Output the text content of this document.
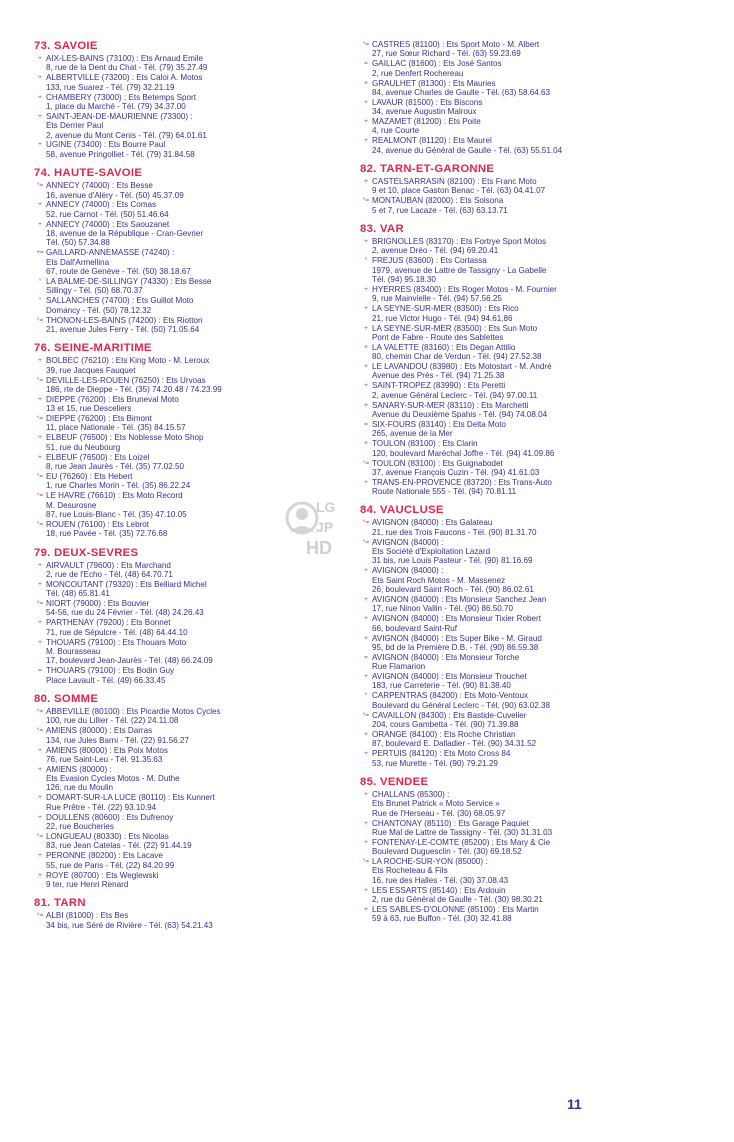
73. SAVOIE
+ AIX-LES-BAINS (73100) : Ets Arnaud Emile
8, rue de la Dent du Chat - Tél. (79) 35.27.49
+ ALBERTVILLE (73200) : Ets Caloi A. Motos
133, rue Suarez - Tél. (79) 32.21.19
+ CHAMBERY (73000) : Ets Betemps Sport
1, place du Marché - Tél. (79) 34.37.00
+ SAINT-JEAN-DE-MAURIENNE (73300) :
Ets Derrier Paul
2, avenue du Mont Cenis - Tél. (79) 64.01.61
+ UGINE (73400) : Ets Bourre Paul
58, avenue Pringolliet - Tél. (79) 31.84.58
74. HAUTE-SAVOIE
°= ANNECY (74000) : Ets Besse
16, avenue d'Aléry - Tél. (50) 45.37.09
+ ANNECY (74000) : Ets Comas
52, rue Carnot - Tél. (50) 51.46.64
+ ANNECY (74000) : Ets Saouzanet
18, avenue de la République - Cran-Gevrier
Tél. (50) 57.34.88
+= GAILLARD-ANNEMASSE (74240) :
Ets Dall'Armellina
67, route de Genève - Tél. (50) 38.18.67
° LA BALME-DE-SILLINGY (74330) : Ets Besse
Sillingy - Tél. (50) 68.70.37
° SALLANCHES (74700) : Ets Guillot Moto
Domancy - Tél. (50) 78.12.32
°= THONON-LES-BAINS (74200) : Ets Riotton
21, avenue Jules Ferry - Tél. (50) 71.05.64
76. SEINE-MARITIME
+ BOLBEC (76210) : Ets King Moto - M. Leroux
39, rue Jacques Fauquet
°= DEVILLE-LES-ROUEN (76250) : Ets Urvoas
186, rte de Dieppe - Tél. (35) 74.20.48 / 74.23.99
+ DIEPPE (76200) : Ets Bruneval Moto
13 et 15, rue Desceliers
°= DIEPPE (76200) : Ets Bimont
11, place Nationale - Tél. (35) 84.15.57
+ ELBEUF (76500) : Ets Noblesse Moto Shop
51, rue du Neubourg
+ ELBEUF (76500) : Ets Loizel
8, rue Jean Jaurès - Tél. (35) 77.02.50
°= EU (76260) : Ets Hebert
1, rue Charles Morin - Tél. (35) 86.22.24
°= LE HAVRE (76610) : Ets Moto Record
M. Desurosne
87, rue Louis-Blanc - Tél. (35) 47.10.05
°= ROUEN (76100) : Ets Lebrot
18, rue Pavée - Tél. (35) 72.76.68
79. DEUX-SEVRES
+ AIRVAULT (79600) : Ets Marchand
2, rue de l'Echo - Tél. (48) 64.70.71
+ MONCOUTANT (79320) : Ets Belliard Michel
Tél. (48) 65.81.41
°= NIORT (79000) : Ets Bouvier
54-56, rue du 24 Février - Tél. (48) 24.26.43
+ PARTHENAY (79200) : Ets Bonnet
71, rue de Sépulcre - Tél. (48) 64.44.10
+ THOUARS (79100) : Ets Thouars Moto
M. Bourasseau
17, boulevard Jean-Jaurès - Tél. (48) 66.24.09
= THOUARS (79100) : Ets Bodin Guy
Place Lavault - Tél. (49) 66.33.45
80. SOMME
°= ABBEVILLE (80100) : Ets Picardie Motos Cycles
100, rue du Lillier - Tél. (22) 24.11.08
°= AMIENS (80000) : Ets Darras
134, rue Jules Barni - Tél. (22) 91.56.27
+ AMIENS (80000) : Ets Poix Motos
76, rue Saint-Leu - Tél. 91.35.63
+ AMIENS (80000) :
Ets Evasion Cycles Motos - M. Duthe
126, rue du Moulin
+ DOMART-SUR-LA LUCE (80110) : Ets Kunnert
Rue Prêtre - Tél. (22) 93.10.94
+ DOULLENS (80600) : Ets Dufrenoy
22, rue Boucheries
°= LONGUEAU (80330) : Ets Nicolas
83, rue Jean Catelas - Tél. (22) 91.44.19
+ PERONNE (80200) : Ets Lacave
55, rue de Paris - Tél. (22) 84.20.99
+ ROYE (80700) : Ets Weglewski
9 ter, rue Henri Renard
81. TARN
°= ALBI (81000) : Ets Bes
34 bis, rue Séré de Rivière - Tél. (63) 54.21.43
°= CASTRES (81100) : Ets Sport Moto - M. Albert
27, rue Sœur Richard - Tél. (63) 59.23.69
= GAILLAC (81600) : Ets José Santos
2, rue Denfert Rochereau
+ GRAULHET (81300) : Ets Mauries
84, avenue Charles de Gaulle - Tél. (63) 58.64.63
+ LAVAUR (81500) : Ets Biscons
34, avenue Augustin Malroux
+ MAZAMET (81200) : Ets Poite
4, rue Courte
+ REALMONT (81120) : Ets Maurel
24, avenue du Général de Gaulle - Tél. (63) 55.51.04
82. TARN-ET-GARONNE
+ CASTELSARRASIN (82100) : Ets Franc Moto
9 et 10, place Gaston Benac - Tél. (63) 04.41.07
°= MONTAUBAN (82000) : Ets Solsona
5 et 7, rue Lacaze - Tél. (63) 63.13.71
83. VAR
+ BRIGNOLLES (83170) : Ets Fortrye Sport Motos
2, avenue Dréo - Tél. (94) 69.20.41
° FREJUS (83600) : Ets Cortassa
1979, avenue de Lattre de Tassigny - La Gabelle
Tél. (94) 95.18.30
+ HYERRES (83400) : Ets Roger Motos - M. Fournier
9, rue Mainvielle - Tél. (94) 57.56.25
+ LA SEYNE-SUR-MER (83500) : Ets Rico
21, rue Victor Hugo - Tél. (94) 94.61.86
+ LA SEYNE-SUR-MER (83500) : Ets Sun Moto
Pont de Fabre - Route des Sablettes
+ LA VALETTE (83160) : Ets Degan Attilio
80, chemin Char de Verdun - Tél. (94) 27.52.38
+ LE LAVANDOU (83980) : Ets Motostart - M. André
Avenue des Prés - Tél. (94) 71.25.38
+ SAINT-TROPEZ (83990) : Ets Peretti
2, avenue Général Leclerc - Tél. (94) 97.00.11
+ SANARY-SUR-MER (83110) : Ets Marchetti
Avenue du Deuxième Spahis - Tél. (94) 74.08.04
= SIX-FOURS (83140) : Ets Delta Moto
265, avenue de la Mer
+ TOULON (83100) : Ets Clarin
120, boulevard Maréchal Joffre - Tél. (94) 41.09.86
°= TOULON (83100) : Ets Guignabodet
37, avenue François Cuzin - Tél. (94) 41.61.03
+ TRANS-EN-PROVENCE (83720) : Ets Trans-Auto
Route Nationale 555 - Tél. (94) 70.81.11
84. VAUCLUSE
°= AVIGNON (84000) : Ets Galateau
21, rue des Trois Faucons - Tél. (90) 81.31.70
°= AVIGNON (84000) :
Ets Société d'Exploitation Lazard
31 bis, rue Louis Pasteur - Tél. (90) 81.16.69
+ AVIGNON (84000) :
Ets Saint Roch Motos - M. Massenez
26, boulevard Saint Roch - Tél. (90) 86.02.61
+ AVIGNON (84000) : Ets Monsieur Sanchez Jean
17, rue Ninon Vallin - Tél. (90) 86.50.70
+ AVIGNON (84000) : Ets Monsieur Tixier Robert
66, boulevard Saint-Ruf
+ AVIGNON (84000) : Ets Super Bike - M. Giraud
95, bd de la Première D.B. - Tél. (90) 86.59.38
= AVIGNON (84000) : Ets Monsieur Torche
Rue Flamarion
+ AVIGNON (84000) : Ets Monsieur Trouchet
183, rue Carreterie - Tél. (90) 81.38.40
° CARPENTRAS (84200) : Ets Moto-Ventoux
Boulevard du Général Leclerc - Tél. (90) 63.02.38
°= CAVAILLON (84300) : Ets Bastide-Cuvelier
204, cours Gambetta - Tél. (90) 71.39.88
+ ORANGE (84100) : Ets Roche Christian
87, boulevard E. Dalladier - Tél. (90) 34.31.52
+ PERTUIS (84120) : Ets Moto Cross 84
53, rue Murette - Tél. (90) 79.21.29
85. VENDEE
+ CHALLANS (85300) :
Ets Brunet Patrick « Moto Service »
Rue de l'Herseau - Tél. (30) 68.05.97
+ CHANTONAY (85110) : Ets Garage Paquiet
Rue Mal de Lattre de Tassigny - Tél. (30) 31.31.03
+ FONTENAY-LE-COMTE (85200) : Ets Mary & Cie
Boulevard Duguesclin - Tél. (30) 69.18.52
°= LA ROCHE-SUR-YON (85000) :
Ets Rocheteau & Fils
16, rue des Halles - Tél. (30) 37.08.43
+ LES ESSARTS (85140) : Ets Ardouin
2, rue du Général de Gaulle - Tél. (30) 98.30.21
+ LES SABLES-D'OLONNE (85100) : Ets Martin
59 à 63, rue Buffon - Tél. (30) 32.41.88
LG
JP
HD
11
